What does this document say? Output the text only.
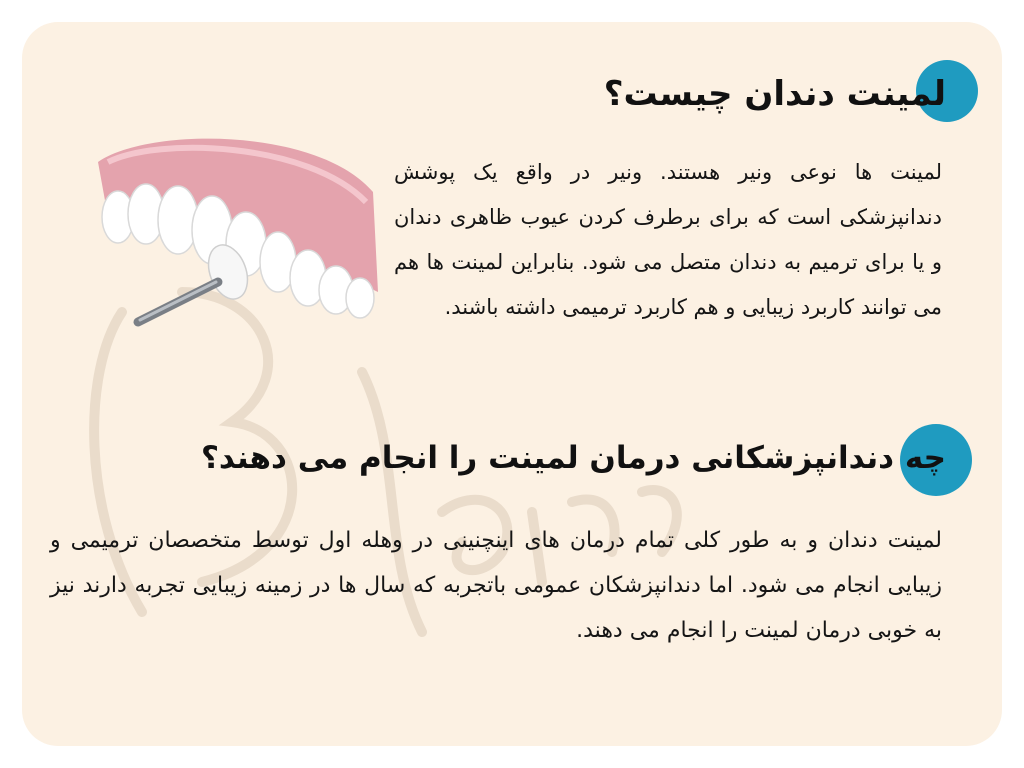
لمینت دندان چیست؟
لمینت ها نوعی ونیر هستند. ونیر در واقع یک پوشش دندانپزشکی است که برای برطرف کردن عیوب ظاهری دندان و یا برای ترمیم به دندان متصل می شود. بنابراین لمینت ها هم می توانند کاربرد زیبایی و هم کاربرد ترمیمی داشته باشند.
چه دندانپزشکانی درمان لمینت را انجام می دهند؟
لمینت دندان و به طور کلی تمام درمان های اینچنینی در وهله اول توسط متخصصان ترمیمی و زیبایی انجام می شود. اما دندانپزشکان عمومی باتجربه که سال ها در زمینه زیبایی تجربه دارند نیز به خوبی درمان لمینت را انجام می دهند.
